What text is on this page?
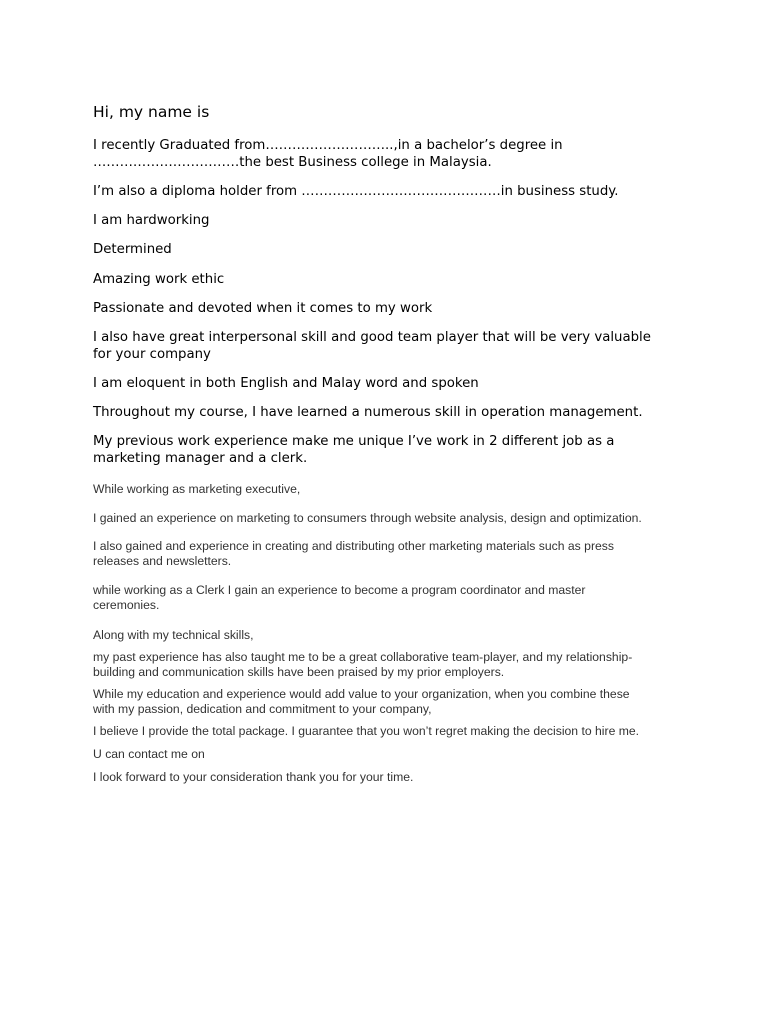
Hi, my name is
I recently Graduated from………………………..,in a bachelor’s degree in
……………………………the best Business college in Malaysia.
I’m also a diploma holder from ………………………………………in business study.
I am hardworking
Determined
Amazing work ethic
Passionate and devoted when it comes to my work
I also have great interpersonal skill and good team player that will be very valuable
for your company
I am eloquent in both English and Malay word and spoken
Throughout my course, I have learned a numerous skill in operation management.
My previous work experience make me unique I’ve work in 2 different job as a
marketing manager and a clerk.
While working as marketing executive,
I gained an experience on marketing to consumers through website analysis, design and optimization.
I also gained and experience in creating and distributing other marketing materials such as press
releases and newsletters.
while working as a Clerk I gain an experience to become a program coordinator and master
ceremonies.
Along with my technical skills,
my past experience has also taught me to be a great collaborative team-player, and my relationship-
building and communication skills have been praised by my prior employers.
While my education and experience would add value to your organization, when you combine these
with my passion, dedication and commitment to your company,
I believe I provide the total package. I guarantee that you won’t regret making the decision to hire me.
U can contact me on
I look forward to your consideration thank you for your time.
